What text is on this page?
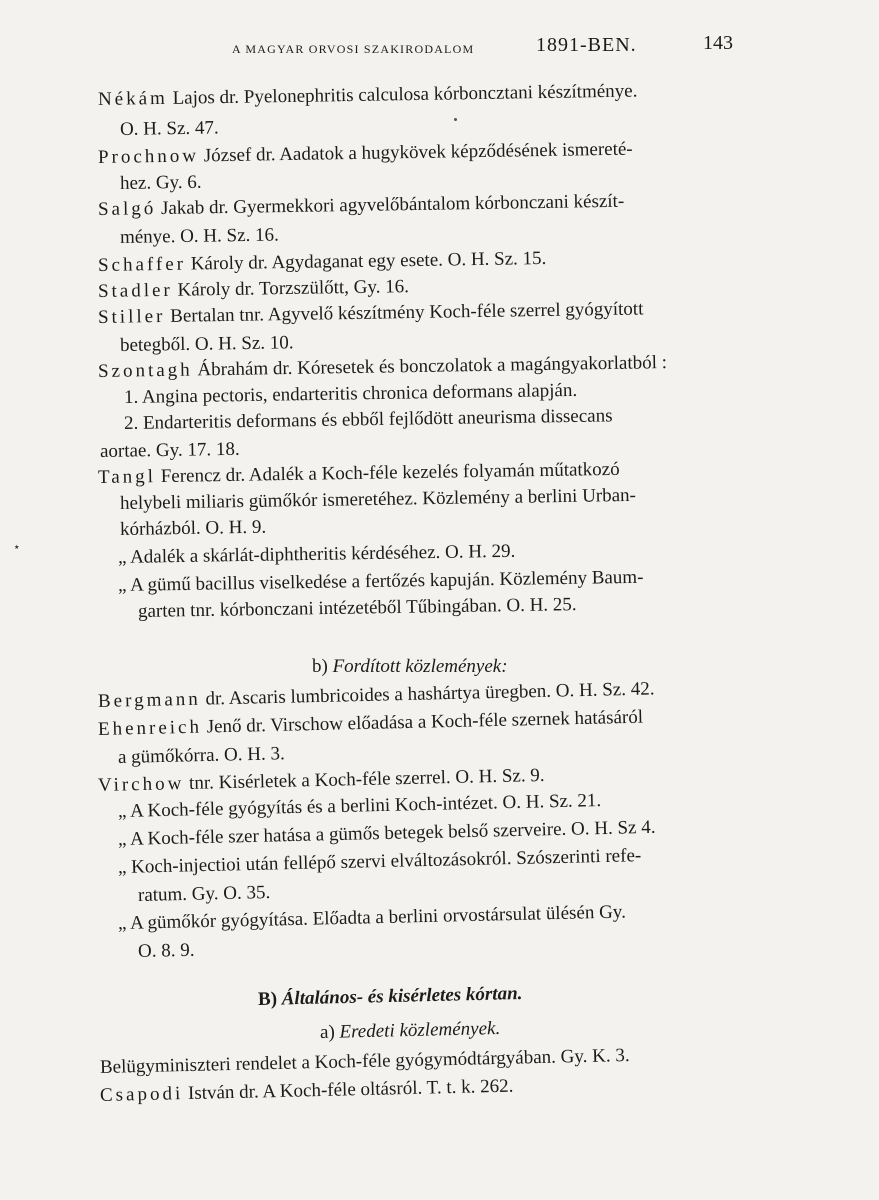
A MAGYAR ORVOSI SZAKIRODALOM	1891-BEN.	143
٭
Nékám Lajos dr. Pyelonephritis calculosa kórboncztani készítménye.
O. H. Sz. 47.
Prochnow József dr. Aadatok a hugykövek képződésének ismereté-
hez. Gy. 6.
Salgó Jakab dr. Gyermekkori agyvelőbántalom kórbonczani készít-
ménye. O. H. Sz. 16.
Schaffer Károly dr. Agydaganat egy esete. O. H. Sz. 15.
Stadler Károly dr. Torzszülőtt, Gy. 16.
Stiller Bertalan tnr. Agyvelő készítmény Koch-féle szerrel gyógyított
betegből. O. H. Sz. 10.
Szontagh Ábrahám dr. Kóresetek és bonczolatok a magángyakorlatból :
1. Angina pectoris, endarteritis chronica deformans alapján.
2. Endarteritis deformans és ebből fejlődött aneurisma dissecans
aortae. Gy. 17. 18.
Tangl Ferencz dr. Adalék a Koch-féle kezelés folyamán műtatkozó
helybeli miliaris gümőkór ismeretéhez. Közlemény a berlini Urban-
kórházból. O. H. 9.
„ Adalék a skárlát-diphtheritis kérdéséhez. O. H. 29.
„ A gümű bacillus viselkedése a fertőzés kapuján. Közlemény Baum-
garten tnr. kórbonczani intézetéből Tűbingában. O. H. 25.
b) Fordított közlemények:
Bergmann dr. Ascaris lumbricoides a hashártya üregben. O. H. Sz. 42.
Ehenreich Jenő dr. Virschow előadása a Koch-féle szernek hatásáról
a gümőkórra. O. H. 3.
Virchow tnr. Kisérletek a Koch-féle szerrel. O. H. Sz. 9.
„ A Koch-féle gyógyítás és a berlini Koch-intézet. O. H. Sz. 21.
„ A Koch-féle szer hatása a gümős betegek belső szerveire. O. H. Sz 4.
„ Koch-injectioi után fellépő szervi elváltozásokról. Szószerinti refe-
ratum. Gy. O. 35.
„ A gümőkór gyógyítása. Előadta a berlini orvostársulat ülésén Gy.
O. 8. 9.
B) Általános- és kisérletes kórtan.
a) Eredeti közlemények.
Belügyminiszteri rendelet a Koch-féle gyógymódtárgyában. Gy. K. 3.
Csapodi István dr. A Koch-féle oltásról. T. t. k. 262.
